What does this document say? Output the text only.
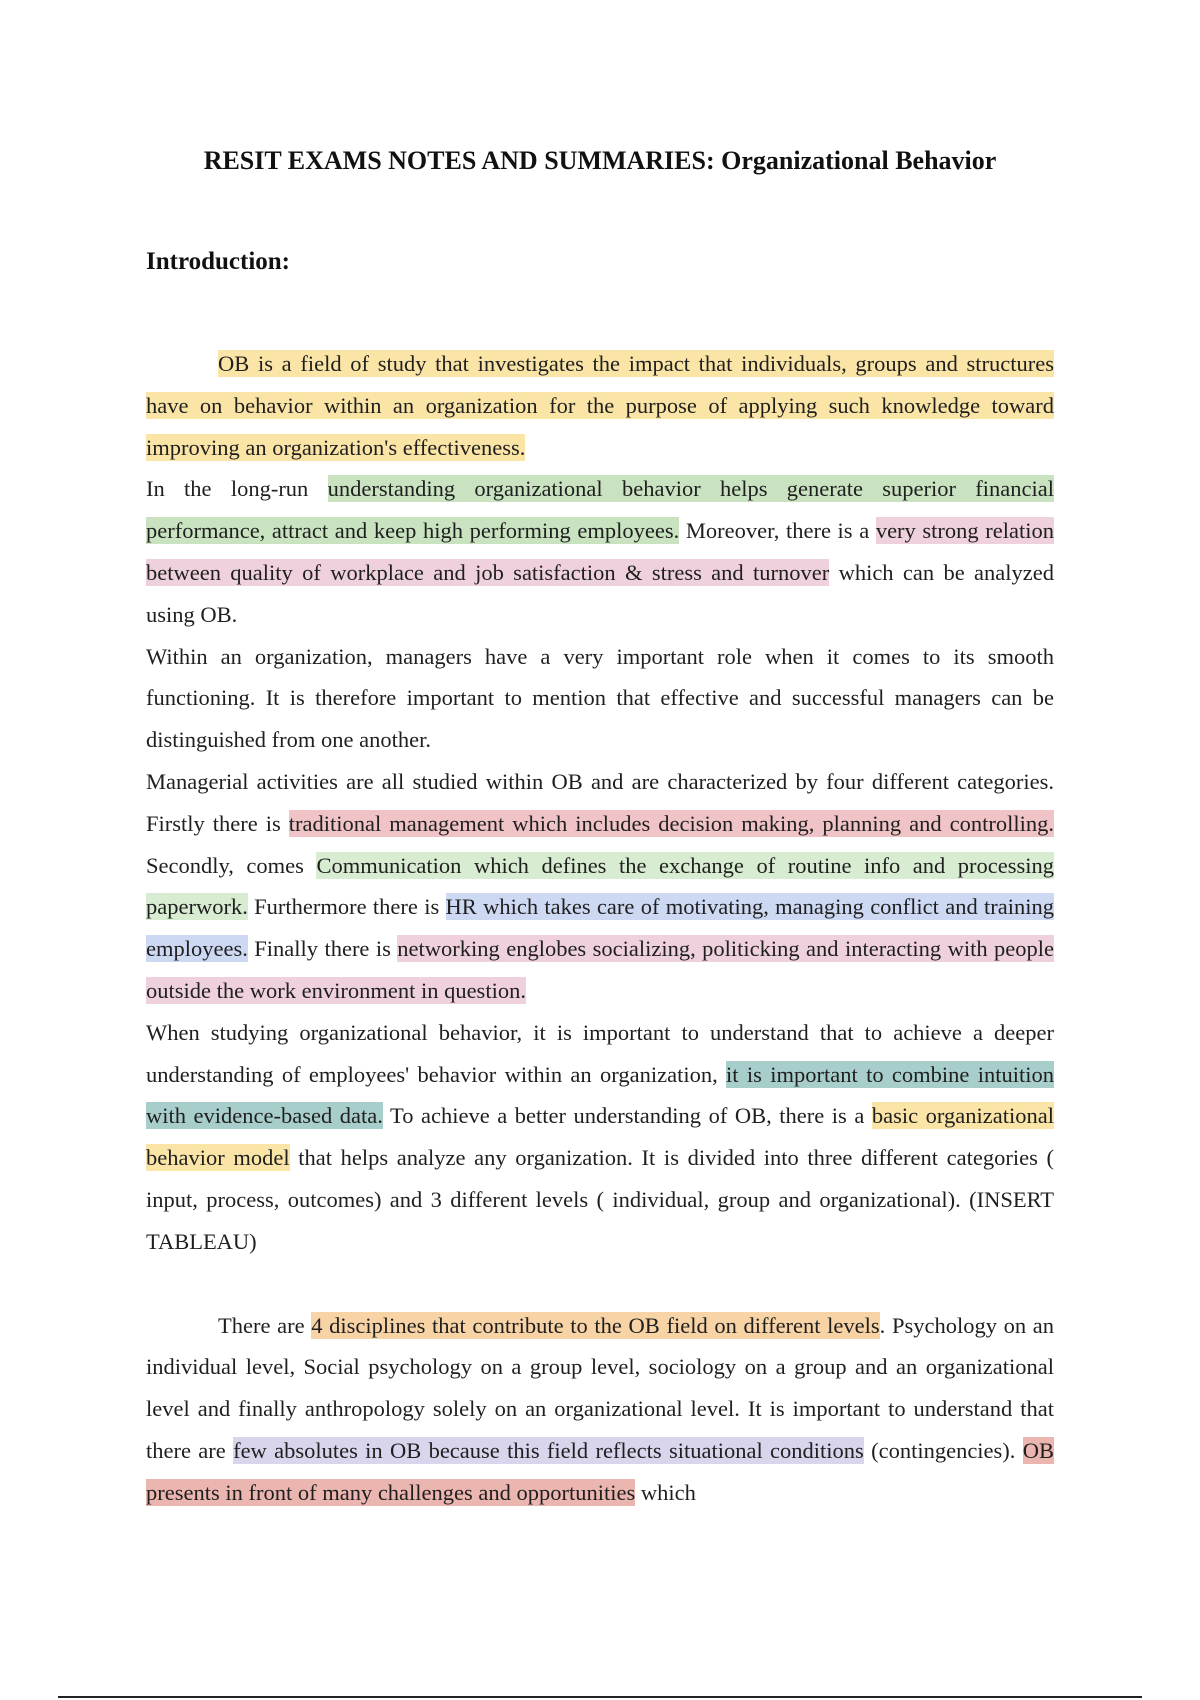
RESIT EXAMS NOTES AND SUMMARIES: Organizational Behavior
Introduction:

OB is a field of study that investigates the impact that individuals, groups and structures have on behavior within an organization for the purpose of applying such knowledge toward improving an organization's effectiveness.

In the long-run understanding organizational behavior helps generate superior financial performance, attract and keep high performing employees. Moreover, there is a very strong relation between quality of workplace and job satisfaction & stress and turnover which can be analyzed using OB.

Within an organization, managers have a very important role when it comes to its smooth functioning. It is therefore important to mention that effective and successful managers can be distinguished from one another.

Managerial activities are all studied within OB and are characterized by four different categories. Firstly there is traditional management which includes decision making, planning and controlling. Secondly, comes Communication which defines the exchange of routine info and processing paperwork. Furthermore there is HR which takes care of motivating, managing conflict and training employees. Finally there is networking englobes socializing, politicking and interacting with people outside the work environment in question.

When studying organizational behavior, it is important to understand that to achieve a deeper understanding of employees' behavior within an organization, it is important to combine intuition with evidence-based data. To achieve a better understanding of OB, there is a basic organizational behavior model that helps analyze any organization. It is divided into three different categories ( input, process, outcomes) and 3 different levels ( individual, group and organizational). (INSERT TABLEAU)

There are 4 disciplines that contribute to the OB field on different levels. Psychology on an individual level, Social psychology on a group level, sociology on a group and an organizational level and finally anthropology solely on an organizational level. It is important to understand that there are few absolutes in OB because this field reflects situational conditions (contingencies). OB presents in front of many challenges and opportunities which
